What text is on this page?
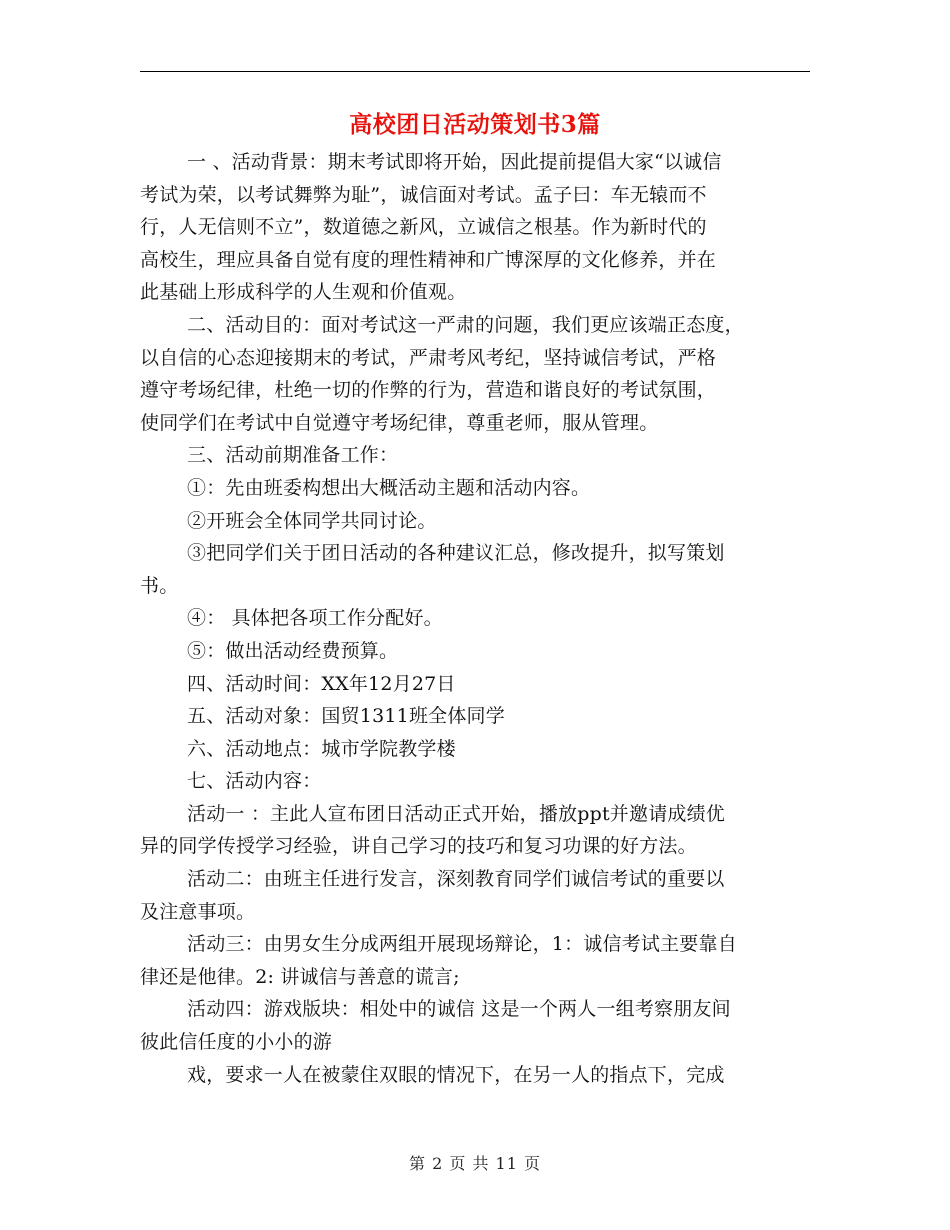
高校团日活动策划书3篇
一 、活动背景：期末考试即将开始，因此提前提倡大家“以诚信
考试为荣，以考试舞弊为耻”，诚信面对考试。孟子曰：车无辕而不
行，人无信则不立”，数道德之新风，立诚信之根基。作为新时代的
高校生，理应具备自觉有度的理性精神和广博深厚的文化修养，并在
此基础上形成科学的人生观和价值观。
二、活动目的：面对考试这一严肃的问题，我们更应该端正态度，
以自信的心态迎接期末的考试，严肃考风考纪，坚持诚信考试，严格
遵守考场纪律，杜绝一切的作弊的行为，营造和谐良好的考试氛围，
使同学们在考试中自觉遵守考场纪律，尊重老师，服从管理。
三、活动前期准备工作：
①：先由班委构想出大概活动主题和活动内容。
②开班会全体同学共同讨论。
③把同学们关于团日活动的各种建议汇总，修改提升，拟写策划
书。
④： 具体把各项工作分配好。
⑤：做出活动经费预算。
四、活动时间：XX年12月27日
五、活动对象：国贸1311班全体同学
六、活动地点：城市学院教学楼
七、活动内容：
活动一 ：主此人宣布团日活动正式开始，播放ppt并邀请成绩优
异的同学传授学习经验，讲自己学习的技巧和复习功课的好方法。
活动二：由班主任进行发言，深刻教育同学们诚信考试的重要以
及注意事项。
活动三：由男女生分成两组开展现场辩论，1：诚信考试主要靠自
律还是他律。2: 讲诚信与善意的谎言;
活动四：游戏版块：相处中的诚信 这是一个两人一组考察朋友间
彼此信任度的小小的游
戏，要求一人在被蒙住双眼的情况下，在另一人的指点下，完成
第 2 页 共 11 页
